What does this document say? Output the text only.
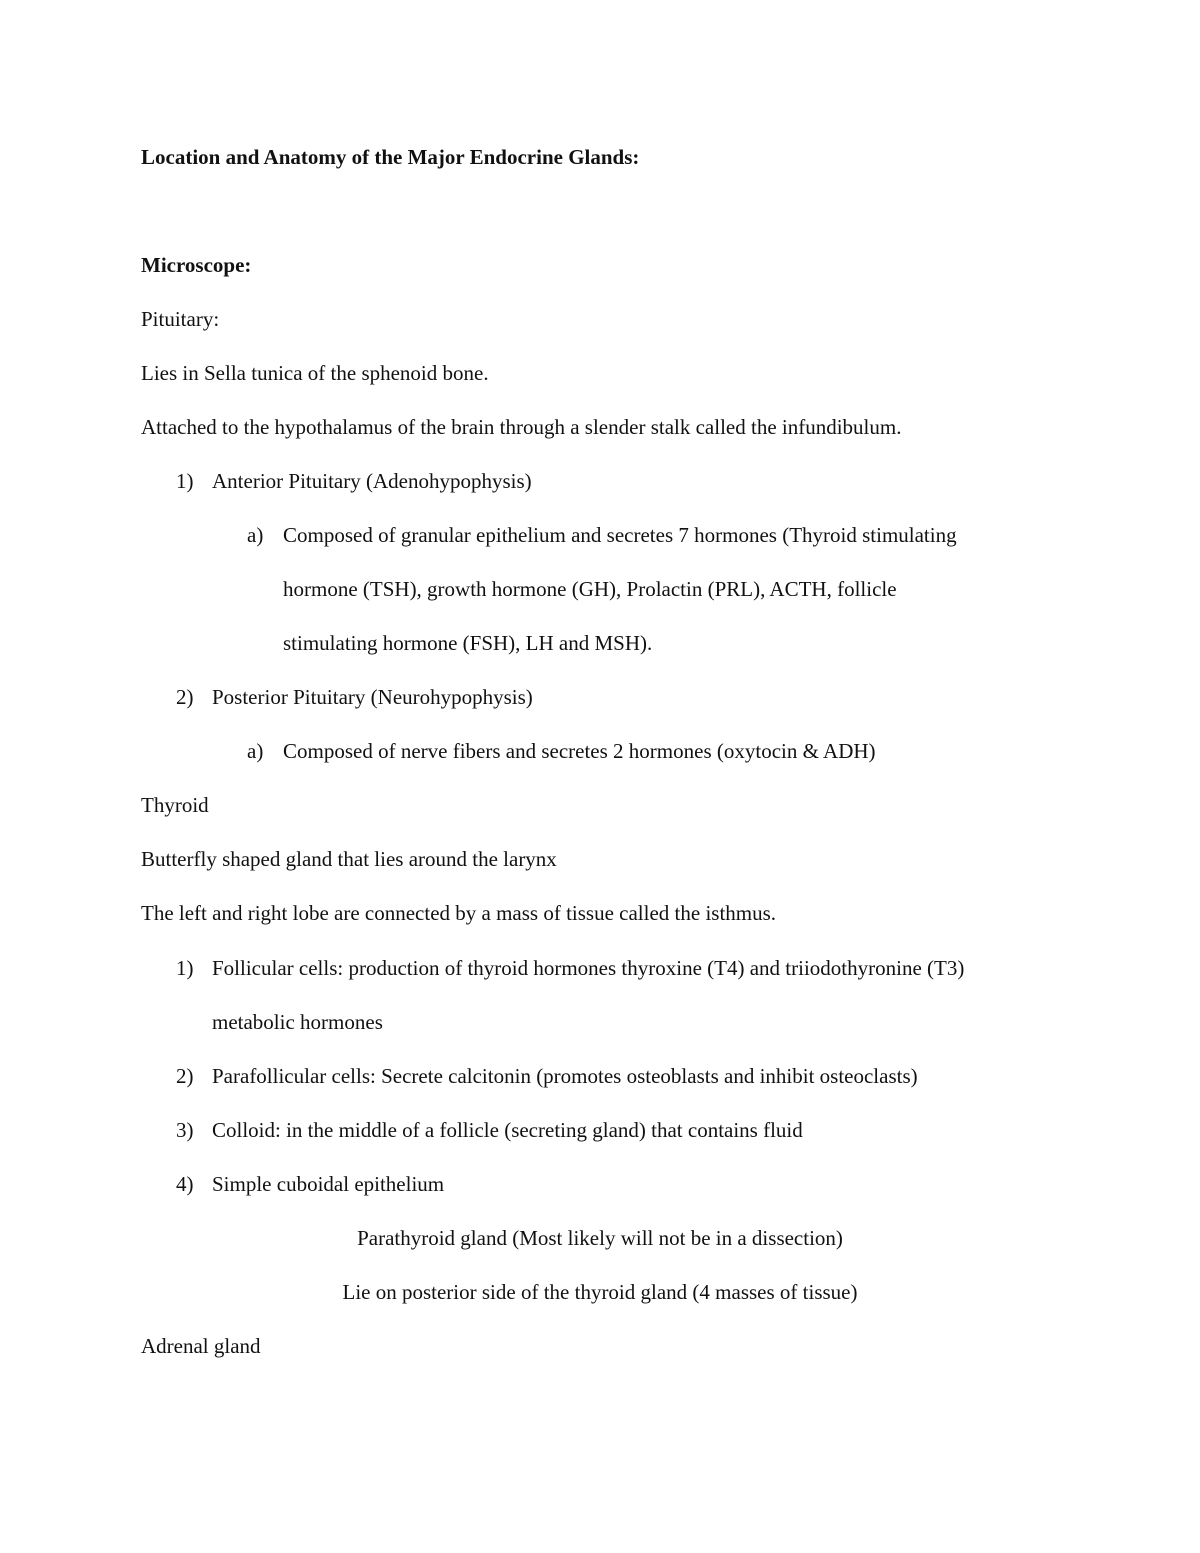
Location and Anatomy of the Major Endocrine Glands:
Microscope:
Pituitary:
Lies in Sella tunica of the sphenoid bone.
Attached to the hypothalamus of the brain through a slender stalk called the infundibulum.
1) Anterior Pituitary (Adenohypophysis)
a) Composed of granular epithelium and secretes 7 hormones (Thyroid stimulating
hormone (TSH), growth hormone (GH), Prolactin (PRL), ACTH, follicle
stimulating hormone (FSH), LH and MSH).
2) Posterior Pituitary (Neurohypophysis)
a) Composed of nerve fibers and secretes 2 hormones (oxytocin & ADH)
Thyroid
Butterfly shaped gland that lies around the larynx
The left and right lobe are connected by a mass of tissue called the isthmus.
1) Follicular cells: production of thyroid hormones thyroxine (T4) and triiodothyronine (T3)
metabolic hormones
2) Parafollicular cells: Secrete calcitonin (promotes osteoblasts and inhibit osteoclasts)
3) Colloid: in the middle of a follicle (secreting gland) that contains fluid
4) Simple cuboidal epithelium
Parathyroid gland (Most likely will not be in a dissection)
Lie on posterior side of the thyroid gland (4 masses of tissue)
Adrenal gland
